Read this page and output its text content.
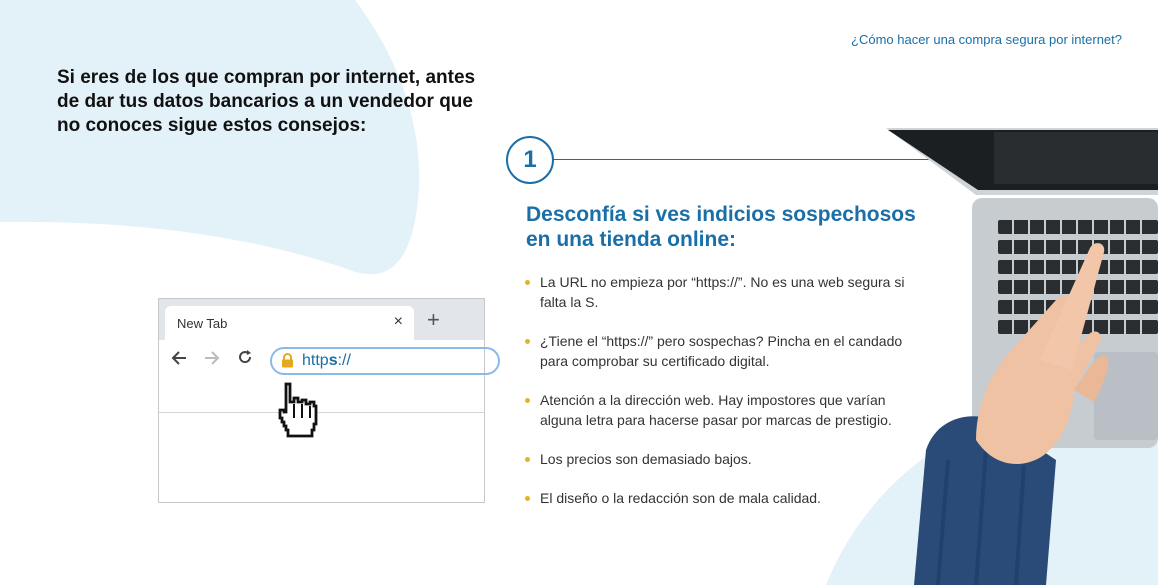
¿Cómo hacer una compra segura por internet?
Si eres de los que compran por internet, antes de dar tus datos bancarios a un vendedor que no conoces sigue estos consejos:
New Tab	× +
https://
1
Desconfía si ves indicios sospechosos en una tienda online:
La URL no empieza por “https://”. No es una web segura si falta la S.
¿Tiene el “https://” pero sospechas? Pincha en el candado para comprobar su certificado digital.
Atención a la dirección web. Hay impostores que varían alguna letra para hacerse pasar por marcas de prestigio.
Los precios son demasiado bajos.
El diseño o la redacción son de mala calidad.
